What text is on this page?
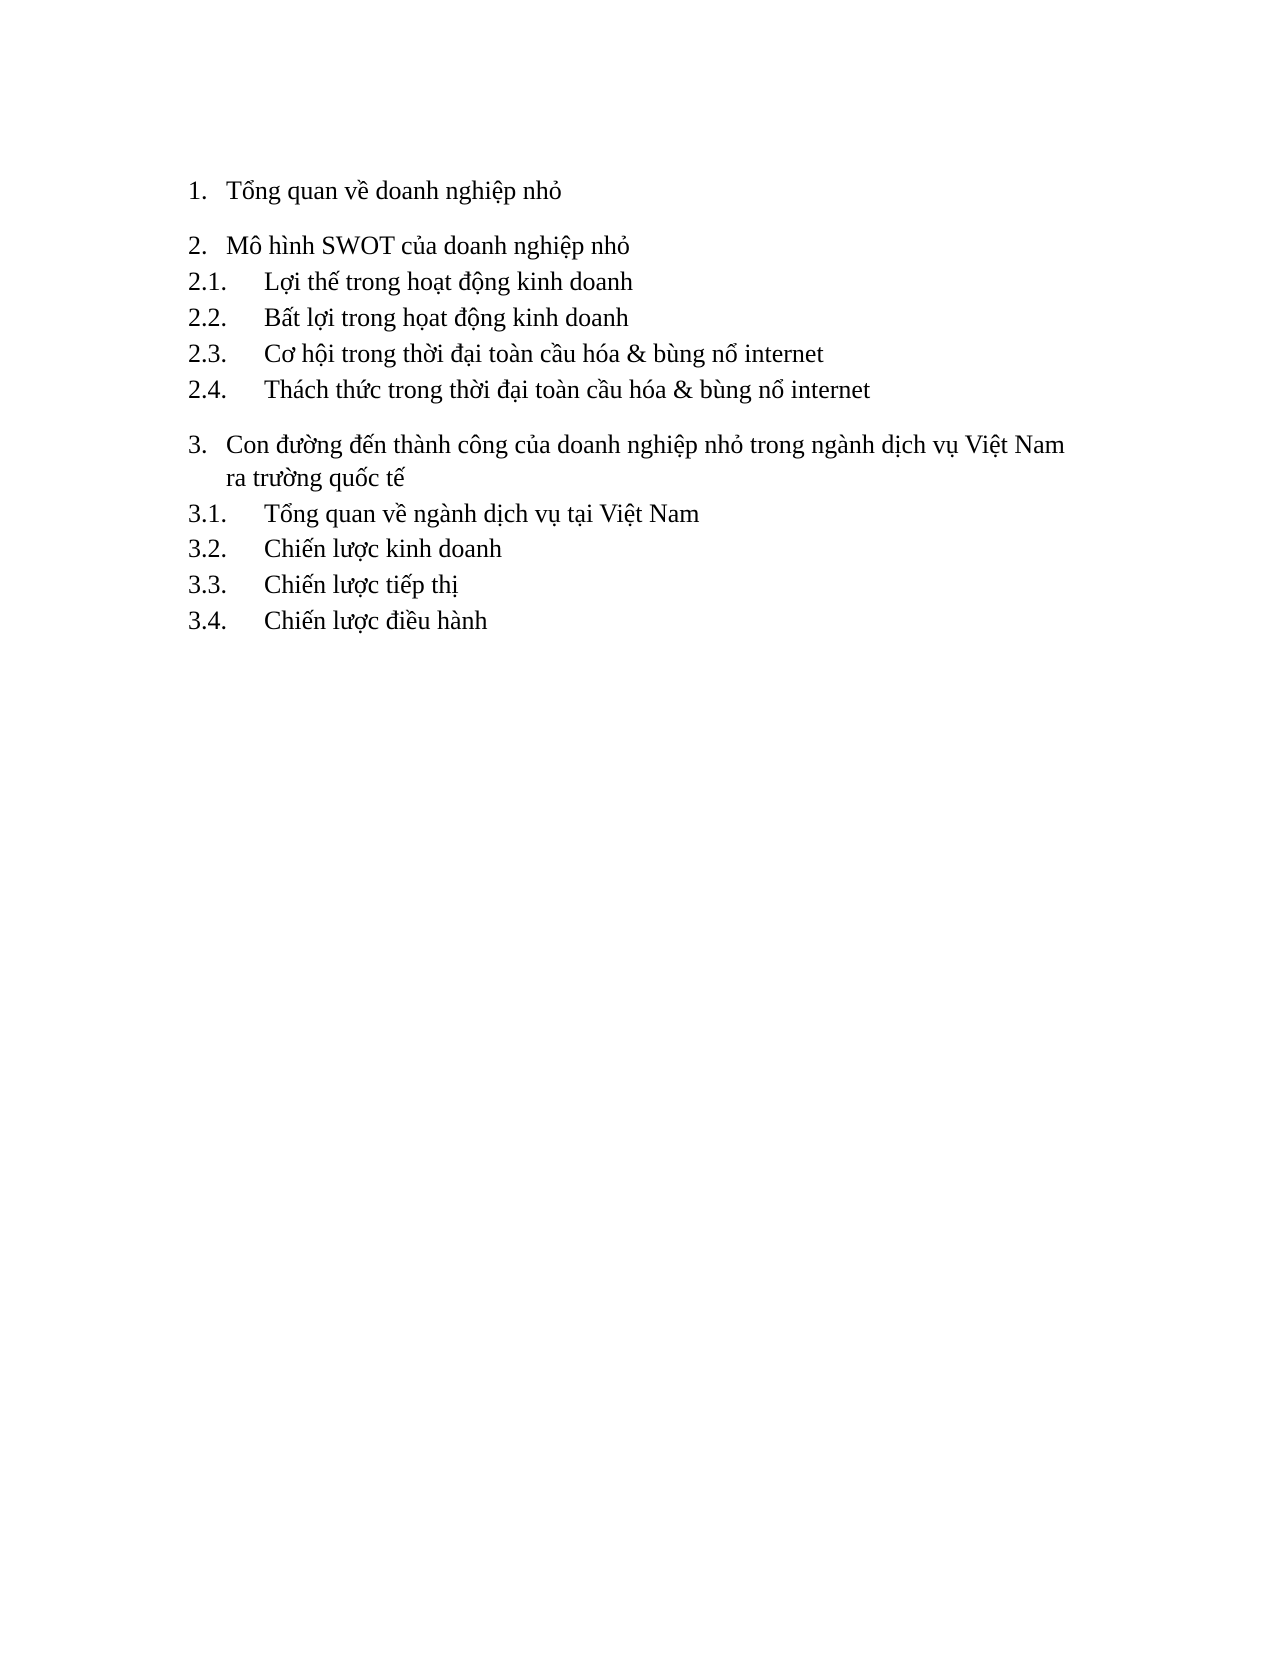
1. Tổng quan về doanh nghiệp nhỏ
2. Mô hình SWOT của doanh nghiệp nhỏ
2.1. Lợi thế trong hoạt động kinh doanh
2.2. Bất lợi trong họat động kinh doanh
2.3. Cơ hội trong thời đại toàn cầu hóa & bùng nổ internet
2.4. Thách thức trong thời đại toàn cầu hóa & bùng nổ internet
3. Con đường đến thành công của doanh nghiệp nhỏ trong ngành dịch vụ Việt Nam
ra trường quốc tế
3.1. Tổng quan về ngành dịch vụ tại Việt Nam
3.2. Chiến lược kinh doanh
3.3. Chiến lược tiếp thị
3.4. Chiến lược điều hành
